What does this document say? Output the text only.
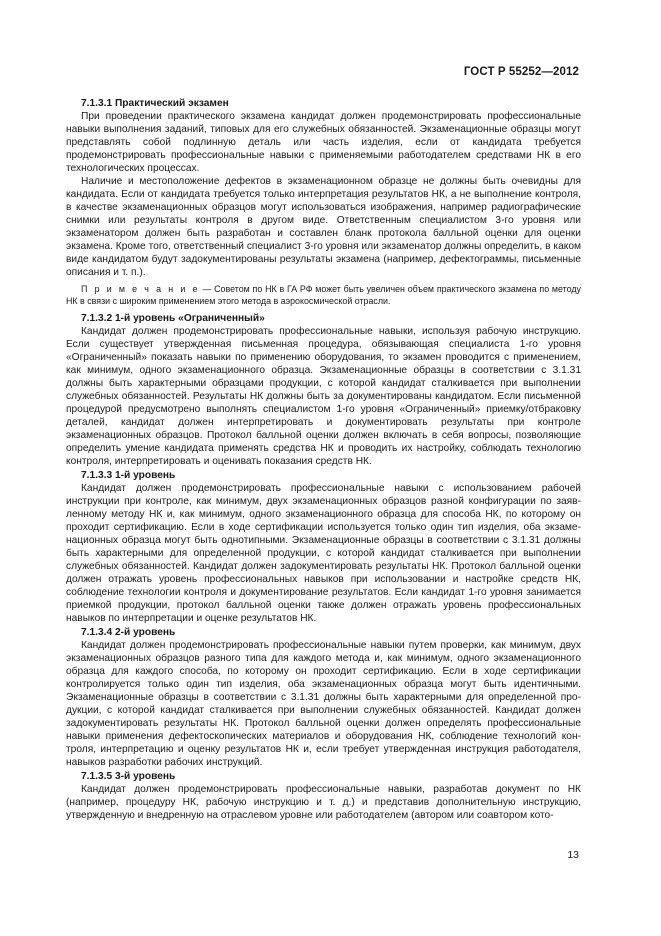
ГОСТ Р 55252—2012

7.1.3.1 Практический экзамен

При проведении практического экзамена кандидат должен продемонстрировать профессиональные навыки выполнения заданий, типовых для его служебных обязанностей. Экзаменационные образцы могут представлять собой подлинную деталь или часть изделия, если от кандидата требуется продемонстрировать профессиональные навыки с применяемыми работодателем средствами НК в его технологических процессах.

Наличие и местоположение дефектов в экзаменационном образце не должны быть очевидны для кандидата. Если от кандидата требуется только интерпретация результатов НК, а не выполнение контроля, в качестве экзаменационных образцов могут использоваться изображения, например радиографические снимки или результаты контроля в другом виде. Ответственным специалистом 3-го уровня или экзаменатором должен быть разработан и составлен бланк протокола балльной оценки для оценки экзамена. Кроме того, ответственный специалист 3-го уровня или экзаменатор должны определить, в каком виде кандидатом будут задокументированы результаты экзамена (например, дефектограммы, письменные описания и т. п.).

П р и м е ч а н и е — Советом по НК в ГА РФ может быть увеличен объем практического экзамена по методу НК в связи с широким применением этого метода в аэрокосмической отрасли.

7.1.3.2 1-й уровень «Ограниченный»

Кандидат должен продемонстрировать профессиональные навыки, используя рабочую инструкцию. Если существует утвержденная письменная процедура, обязывающая специалиста 1-го уровня «Ограниченный» показать навыки по применению оборудования, то экзамен проводится с применением, как минимум, одного экзаменационного образца. Экзаменационные образцы в соответствии с 3.1.31 должны быть характерными образцами продукции, с которой кандидат сталкивается при выполнении служебных обязанностей. Результаты НК должны быть за документированы кандидатом. Если письменной процедурой предусмотрено выполнять специалистом 1-го уровня «Ограниченный» приемку/отбраковку деталей, кандидат должен интерпретировать и документировать результаты при контроле экзаменационных образцов. Протокол балльной оценки должен включать в себя вопросы, позволяющие определить умение кандидата применять средства НК и проводить их настройку, соблюдать технологию контроля, интерпретировать и оценивать показания средств НК.

7.1.3.3 1-й уровень

Кандидат должен продемонстрировать профессиональные навыки с использованием рабочей инструкции при контроле, как минимум, двух экзаменационных образцов разной конфигурации по заявленному методу НК и, как минимум, одного экзаменационного образца для способа НК, по которому он проходит сертификацию. Если в ходе сертификации используется только один тип изделия, оба экзаменационных образца могут быть однотипными. Экзаменационные образцы в соответствии с 3.1.31 должны быть характерными для определенной продукции, с которой кандидат сталкивается при выполнении служебных обязанностей. Кандидат должен задокументировать результаты НК. Протокол балльной оценки должен отражать уровень профессиональных навыков при использовании и настройке средств НК, соблюдение технологии контроля и документирование результатов. Если кандидат 1-го уровня занимается приемкой продукции, протокол балльной оценки также должен отражать уровень профессиональных навыков по интерпретации и оценке результатов НК.

7.1.3.4 2-й уровень

Кандидат должен продемонстрировать профессиональные навыки путем проверки, как минимум, двух экзаменационных образцов разного типа для каждого метода и, как минимум, одного экзаменационного образца для каждого способа, по которому он проходит сертификацию. Если в ходе сертификации контролируется только один тип изделия, оба экзаменационных образца могут быть идентичными. Экзаменационные образцы в соответствии с 3.1.31 должны быть характерными для определенной продукции, с которой кандидат сталкивается при выполнении служебных обязанностей. Кандидат должен задокументировать результаты НК. Протокол балльной оценки должен определять профессиональные навыки применения дефектоскопических материалов и оборудования НК, соблюдение технологий контроля, интерпретацию и оценку результатов НК и, если требует утвержденная инструкция работодателя, навыков разработки рабочих инструкций.

7.1.3.5 3-й уровень

Кандидат должен продемонстрировать профессиональные навыки, разработав документ по НК (например, процедуру НК, рабочую инструкцию и т. д.) и представив дополнительную инструкцию, утвержденную и внедренную на отраслевом уровне или работодателем (автором или соавтором кото-

13
